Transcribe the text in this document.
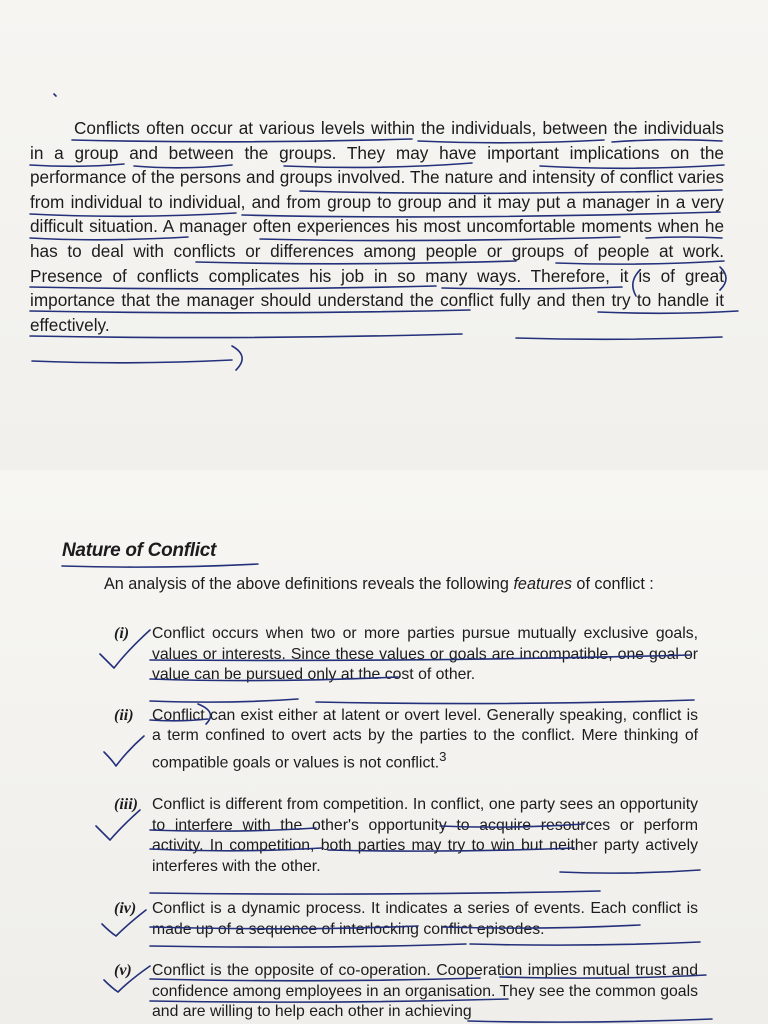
Conflicts often occur at various levels within the individuals, between the individuals in a group and between the groups. They may have important implications on the performance of the persons and groups involved. The nature and intensity of conflict varies from individual to individual, and from group to group and it may put a manager in a very difficult situation. A manager often experiences his most uncomfortable moments when he has to deal with conflicts or differences among people or groups of people at work. Presence of conflicts complicates his job in so many ways. Therefore, it is of great importance that the manager should understand the conflict fully and then try to handle it effectively.

Nature of Conflict

An analysis of the above definitions reveals the following features of conflict :

(i) Conflict occurs when two or more parties pursue mutually exclusive goals, values or interests. Since these values or goals are incompatible, one goal or value can be pursued only at the cost of other.
(ii) Conflict can exist either at latent or overt level. Generally speaking, conflict is a term confined to overt acts by the parties to the conflict. Mere thinking of compatible goals or values is not conflict.$^3$
(iii) Conflict is different from competition. In conflict, one party sees an opportunity to interfere with the other's opportunity to acquire resources or perform activity. In competition, both parties may try to win but neither party actively interferes with the other.
(iv) Conflict is a dynamic process. It indicates a series of events. Each conflict is made up of a sequence of interlocking conflict episodes.
(v) Conflict is the opposite of co-operation. Cooperation implies mutual trust and confidence among employees in an organisation. They see the common goals and are willing to help each other in achieving
